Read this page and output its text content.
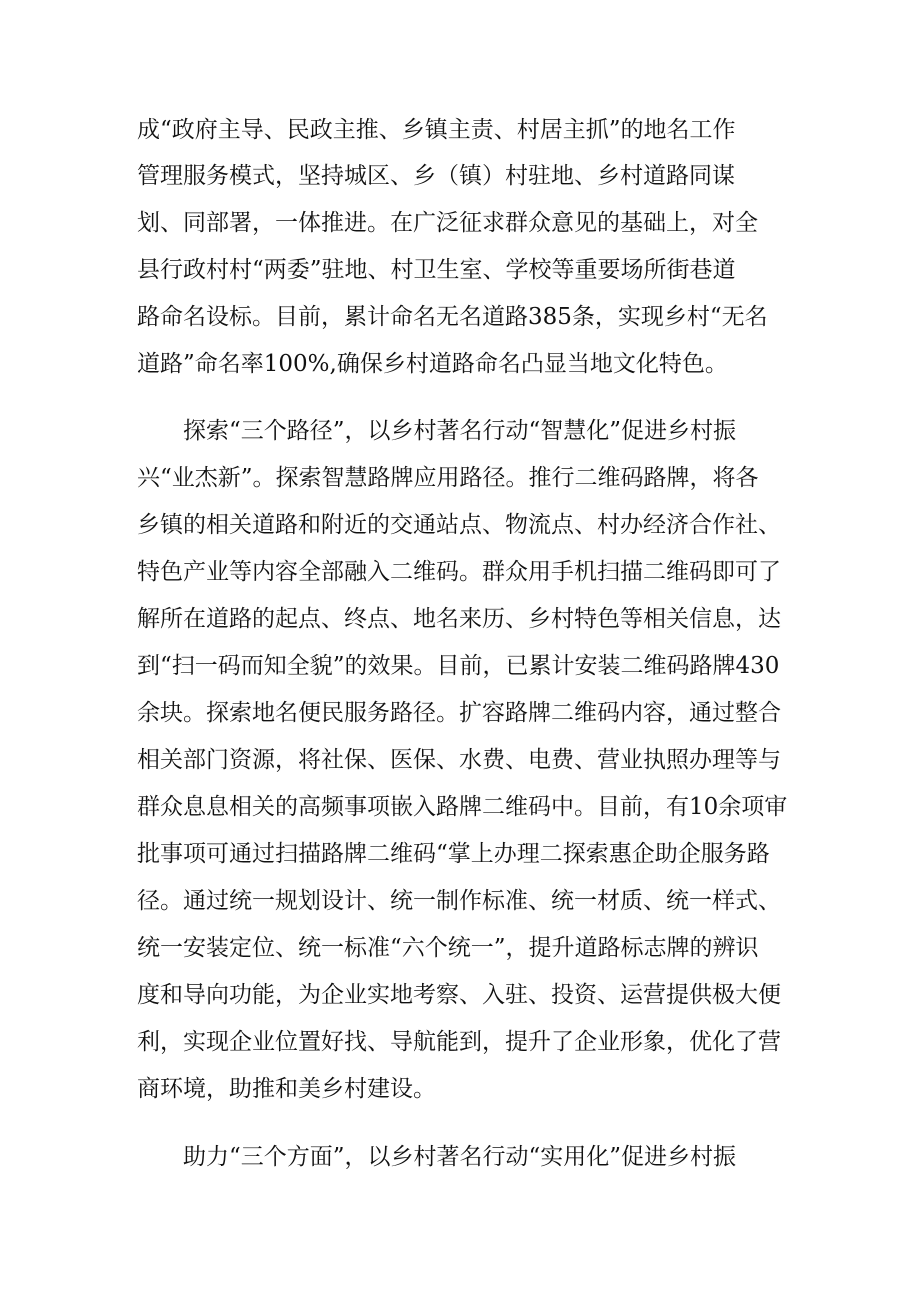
成“政府主导、民政主推、乡镇主责、村居主抓”的地名工作
管理服务模式，坚持城区、乡（镇）村驻地、乡村道路同谋
划、同部署，一体推进。在广泛征求群众意见的基础上，对全
县行政村村“两委”驻地、村卫生室、学校等重要场所街巷道
路命名设标。目前，累计命名无名道路385条，实现乡村“无名
道路”命名率100%,确保乡村道路命名凸显当地文化特色。
探索“三个路径”，以乡村著名行动“智慧化”促进乡村振
兴“业杰新”。探索智慧路牌应用路径。推行二维码路牌，将各
乡镇的相关道路和附近的交通站点、物流点、村办经济合作社、
特色产业等内容全部融入二维码。群众用手机扫描二维码即可了
解所在道路的起点、终点、地名来历、乡村特色等相关信息，达
到“扫一码而知全貌”的效果。目前，已累计安装二维码路牌430
余块。探索地名便民服务路径。扩容路牌二维码内容，通过整合
相关部门资源，将社保、医保、水费、电费、营业执照办理等与
群众息息相关的高频事项嵌入路牌二维码中。目前，有10余项审
批事项可通过扫描路牌二维码“掌上办理二探索惠企助企服务路
径。通过统一规划设计、统一制作标准、统一材质、统一样式、
统一安装定位、统一标准“六个统一”，提升道路标志牌的辨识
度和导向功能，为企业实地考察、入驻、投资、运营提供极大便
利，实现企业位置好找、导航能到，提升了企业形象，优化了营
商环境，助推和美乡村建设。
助力“三个方面”，以乡村著名行动“实用化”促进乡村振
